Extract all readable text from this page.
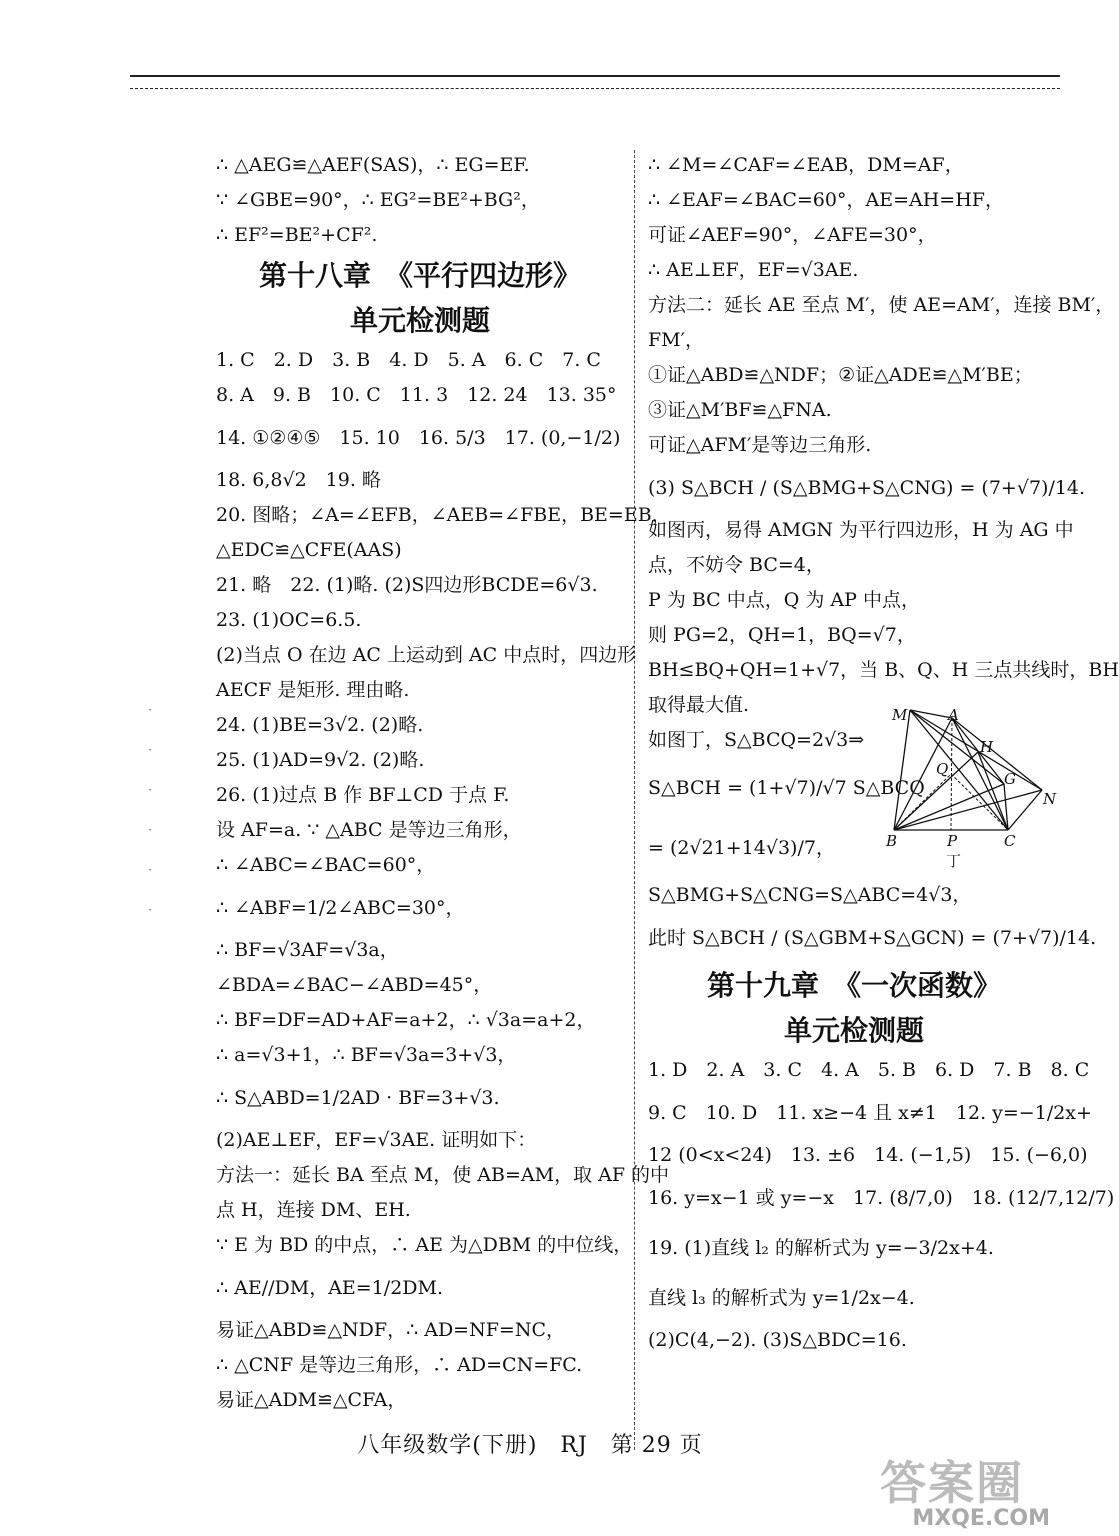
·
·
·
·
·
·
∴ △AEG≌△AEF(SAS)，∴ EG=EF.
∵ ∠GBE=90°，∴ EG²=BE²+BG²，
∴ EF²=BE²+CF².
第十八章　《平行四边形》
单元检测题
1. C　2. D　3. B　4. D　5. A　6. C　7. C
8. A　9. B　10. C　11. 3　12. 24　13. 35°
14. ①②④⑤　15. 10　16. 5/3　17. (0,−1/2)
18. 6,8√2　19. 略
20. 图略；∠A=∠EFB，∠AEB=∠FBE，BE=EB，
△EDC≌△CFE(AAS)
21. 略　22. (1)略. (2)S四边形BCDE=6√3.
23. (1)OC=6.5.
(2)当点 O 在边 AC 上运动到 AC 中点时，四边形
AECF 是矩形. 理由略.
24. (1)BE=3√2. (2)略.
25. (1)AD=9√2. (2)略.
26. (1)过点 B 作 BF⊥CD 于点 F.
设 AF=a. ∵ △ABC 是等边三角形，
∴ ∠ABC=∠BAC=60°，
∴ ∠ABF=1/2∠ABC=30°，
∴ BF=√3AF=√3a，
∠BDA=∠BAC−∠ABD=45°，
∴ BF=DF=AD+AF=a+2，∴ √3a=a+2，
∴ a=√3+1，∴ BF=√3a=3+√3，
∴ S△ABD=1/2AD · BF=3+√3.
(2)AE⊥EF，EF=√3AE. 证明如下：
方法一：延长 BA 至点 M，使 AB=AM，取 AF 的中
点 H，连接 DM、EH.
∵ E 为 BD 的中点，∴ AE 为△DBM 的中位线，
∴ AE//DM，AE=1/2DM.
易证△ABD≌△NDF，∴ AD=NF=NC，
∴ △CNF 是等边三角形，∴ AD=CN=FC.
易证△ADM≌△CFA，
∴ ∠M=∠CAF=∠EAB，DM=AF，
∴ ∠EAF=∠BAC=60°，AE=AH=HF，
可证∠AEF=90°，∠AFE=30°，
∴ AE⊥EF，EF=√3AE.
方法二：延长 AE 至点 M′，使 AE=AM′，连接 BM′，
FM′，
①证△ABD≌△NDF；②证△ADE≌△M′BE；
③证△M′BF≌△FNA.
可证△AFM′是等边三角形.
(3) S△BCH / (S△BMG+S△CNG) = (7+√7)/14.
如图丙，易得 AMGN 为平行四边形，H 为 AG 中
点，不妨令 BC=4，
P 为 BC 中点，Q 为 AP 中点，
则 PG=2，QH=1，BQ=√7，
BH≤BQ+QH=1+√7，当 B、Q、H 三点共线时，BH
取得最大值.
如图丁，S△BCQ=2√3⇒
S△BCH = (1+√7)/√7 S△BCQ
= (2√21+14√3)/7，
S△BMG+S△CNG=S△ABC=4√3，
此时 S△BCH / (S△GBM+S△GCN) = (7+√7)/14.
第十九章　《一次函数》
单元检测题
1. D　2. A　3. C　4. A　5. B　6. D　7. B　8. C
9. C　10. D　11. x≥−4 且 x≠1　12. y=−1/2x+
12 (0<x<24)　13. ±6　14. (−1,5)　15. (−6,0)
16. y=x−1 或 y=−x　17. (8/7,0)　18. (12/7,12/7)
19. (1)直线 l₂ 的解析式为 y=−3/2x+4.
直线 l₃ 的解析式为 y=1/2x−4.
(2)C(4,−2). (3)S△BDC=16.
M	A
H
Q
G
N
B	P	C
丁
八年级数学(下册)　RJ　第 29 页
答案圈
MXQE.COM
